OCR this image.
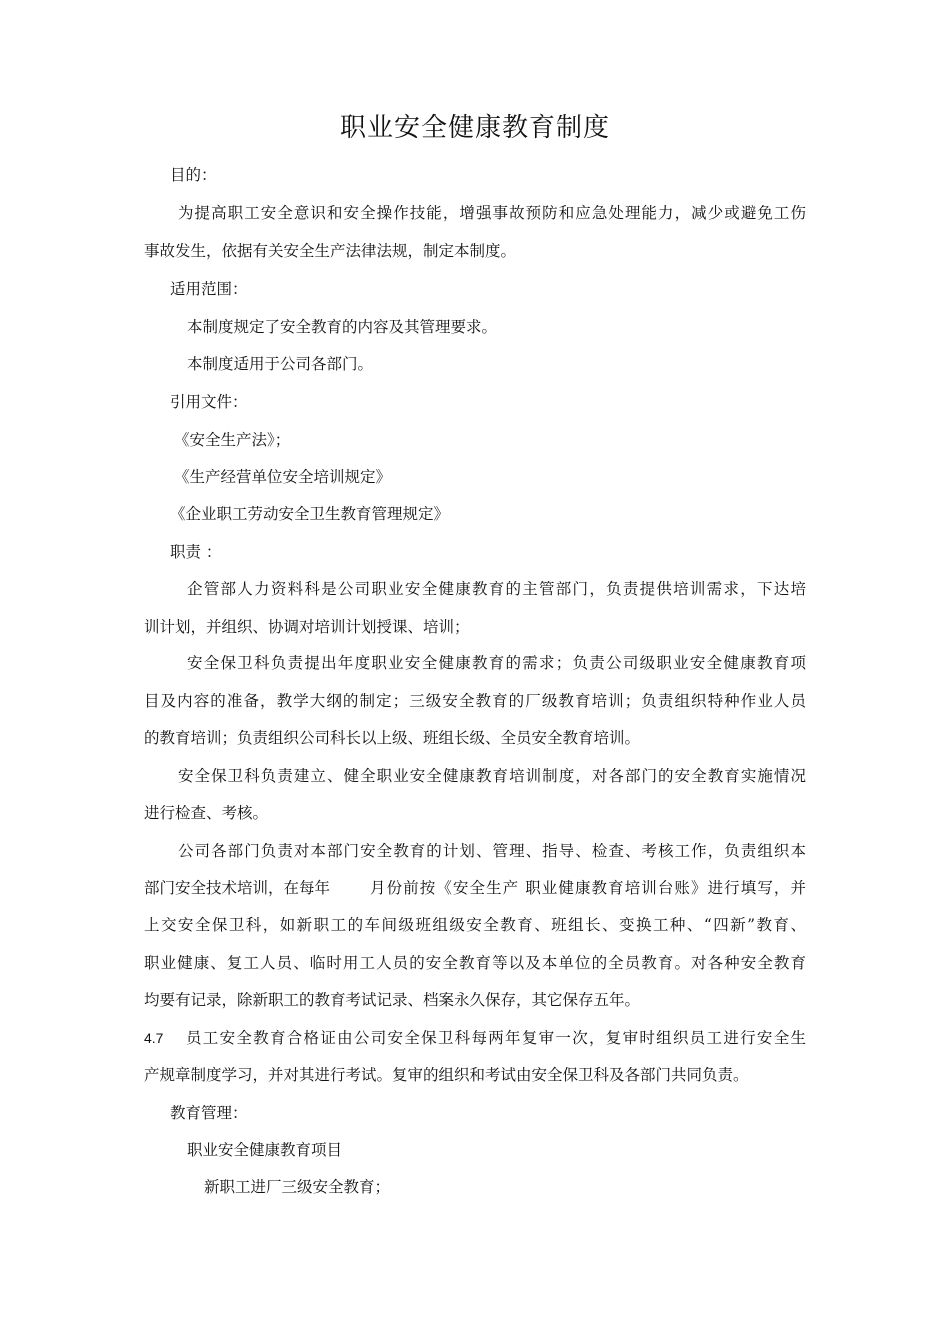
职业安全健康教育制度
目的：
为提高职工安全意识和安全操作技能，增强事故预防和应急处理能力，减少或避免工伤
事故发生，依据有关安全生产法律法规，制定本制度。
适用范围：
本制度规定了安全教育的内容及其管理要求。
本制度适用于公司各部门。
引用文件：
《安全生产法》；
《生产经营单位安全培训规定》
《企业职工劳动安全卫生教育管理规定》
职责 ：
企管部人力资料科是公司职业安全健康教育的主管部门，负责提供培训需求，下达培
训计划，并组织、协调对培训计划授课、培训；
安全保卫科负责提出年度职业安全健康教育的需求；负责公司级职业安全健康教育项
目及内容的准备，教学大纲的制定；三级安全教育的厂级教育培训；负责组织特种作业人员
的教育培训；负责组织公司科长以上级、班组长级、全员安全教育培训。
安全保卫科负责建立、健全职业安全健康教育培训制度，对各部门的安全教育实施情况
进行检查、考核。
公司各部门负责对本部门安全教育的计划、管理、指导、检查、考核工作，负责组织本
部门安全技术培训，在每年	月份前按《安全生产 职业健康教育培训台账》进行填写，并
上交安全保卫科，如新职工的车间级班组级安全教育、班组长、变换工种、“四新”教育、
职业健康、复工人员、临时用工人员的安全教育等以及本单位的全员教育。对各种安全教育
均要有记录，除新职工的教育考试记录、档案永久保存，其它保存五年。
4.7 员工安全教育合格证由公司安全保卫科每两年复审一次，复审时组织员工进行安全生
产规章制度学习，并对其进行考试。复审的组织和考试由安全保卫科及各部门共同负责。
教育管理：
职业安全健康教育项目
新职工进厂三级安全教育；
